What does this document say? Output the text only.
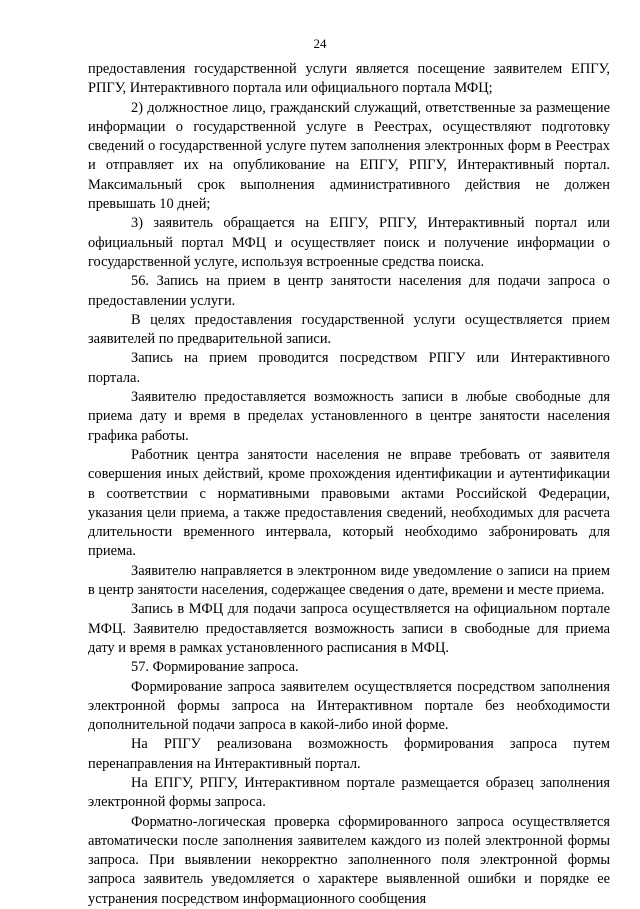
24

предоставления государственной услуги является посещение заявителем ЕПГУ, РПГУ, Интерактивного портала или официального портала МФЦ;

2) должностное лицо, гражданский служащий, ответственные за размещение информации о государственной услуге в Реестрах, осуществляют подготовку сведений о государственной услуге путем заполнения электронных форм в Реестрах и отправляет их на опубликование на ЕПГУ, РПГУ, Интерактивный портал. Максимальный срок выполнения административного действия не должен превышать 10 дней;

3) заявитель обращается на ЕПГУ, РПГУ, Интерактивный портал или официальный портал МФЦ и осуществляет поиск и получение информации о государственной услуге, используя встроенные средства поиска.

56. Запись на прием в центр занятости населения для подачи запроса о предоставлении услуги.

В целях предоставления государственной услуги осуществляется прием заявителей по предварительной записи.

Запись на прием проводится посредством РПГУ или Интерактивного портала.

Заявителю предоставляется возможность записи в любые свободные для приема дату и время в пределах установленного в центре занятости населения графика работы.

Работник центра занятости населения не вправе требовать от заявителя совершения иных действий, кроме прохождения идентификации и аутентификации в соответствии с нормативными правовыми актами Российской Федерации, указания цели приема, а также предоставления сведений, необходимых для расчета длительности временного интервала, который необходимо забронировать для приема.

Заявителю направляется в электронном виде уведомление о записи на прием в центр занятости населения, содержащее сведения о дате, времени и месте приема.

Запись в МФЦ для подачи запроса осуществляется на официальном портале МФЦ. Заявителю предоставляется возможность записи в свободные для приема дату и время в рамках установленного расписания в МФЦ.

57. Формирование запроса.

Формирование запроса заявителем осуществляется посредством заполнения электронной формы запроса на Интерактивном портале без необходимости дополнительной подачи запроса в какой-либо иной форме.

На РПГУ реализована возможность формирования запроса путем перенаправления на Интерактивный портал.

На ЕПГУ, РПГУ, Интерактивном портале размещается образец заполнения электронной формы запроса.

Форматно-логическая проверка сформированного запроса осуществляется автоматически после заполнения заявителем каждого из полей электронной формы запроса. При выявлении некорректно заполненного поля электронной формы запроса заявитель уведомляется о характере выявленной ошибки и порядке ее устранения посредством информационного сообщения
